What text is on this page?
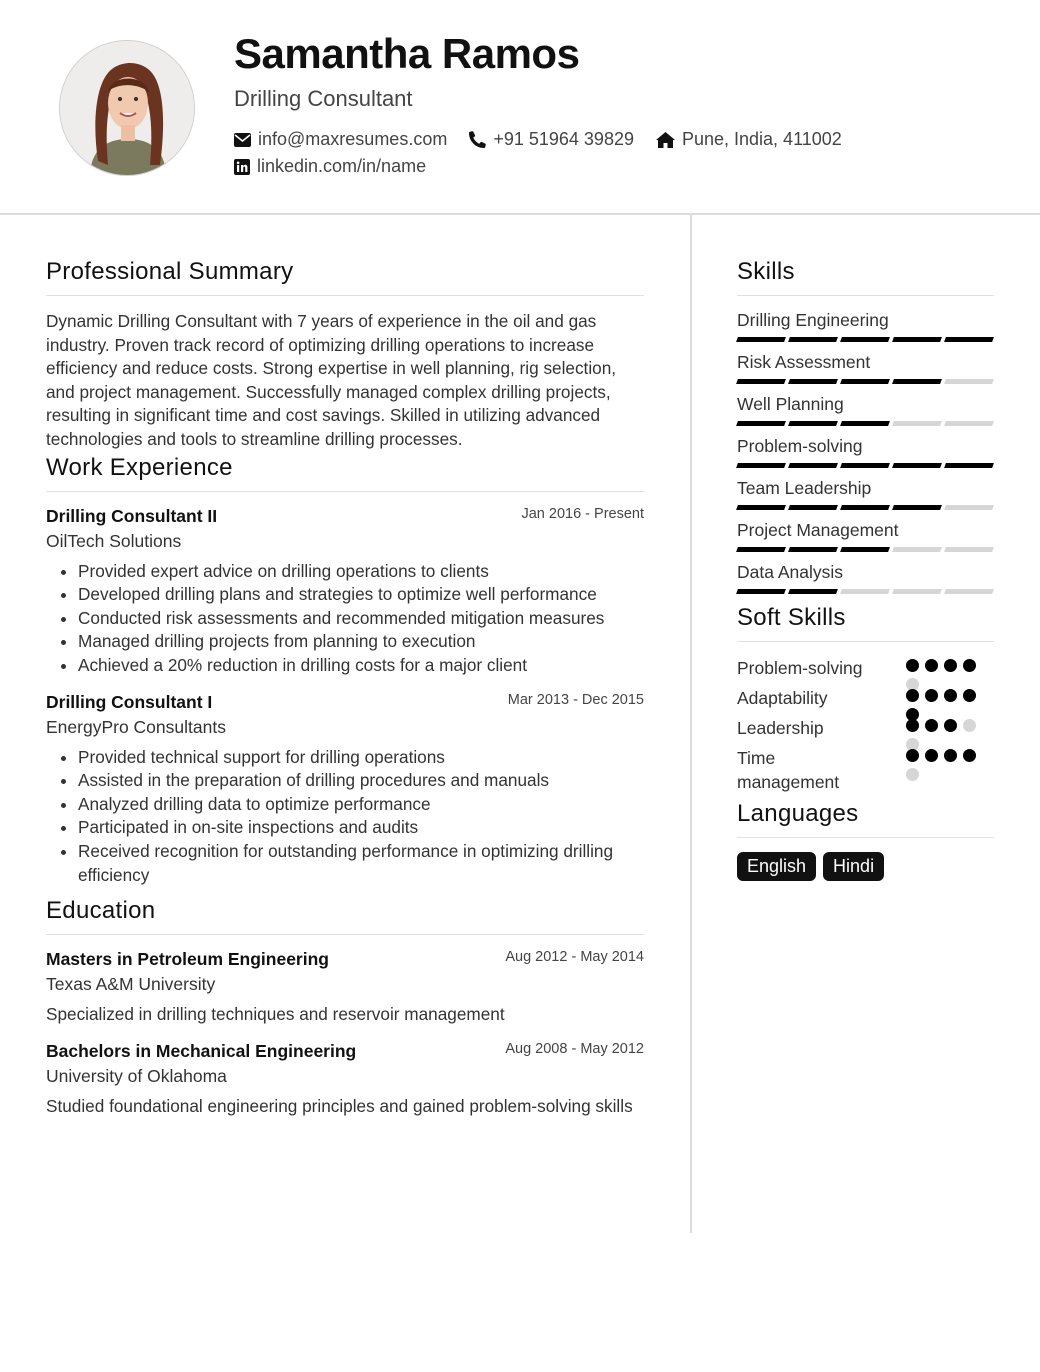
Samantha Ramos
Drilling Consultant
info@maxresumes.com	+91 51964 39829	Pune, India, 411002
linkedin.com/in/name
Professional Summary

Dynamic Drilling Consultant with 7 years of experience in the oil and gas industry. Proven track record of optimizing drilling operations to increase efficiency and reduce costs. Strong expertise in well planning, rig selection, and project management. Successfully managed complex drilling projects, resulting in significant time and cost savings. Skilled in utilizing advanced technologies and tools to streamline drilling processes.

Work Experience
Drilling Consultant II	Jan 2016 - Present
OilTech Solutions
• Provided expert advice on drilling operations to clients
• Developed drilling plans and strategies to optimize well performance
• Conducted risk assessments and recommended mitigation measures
• Managed drilling projects from planning to execution
• Achieved a 20% reduction in drilling costs for a major client
Drilling Consultant I	Mar 2013 - Dec 2015
EnergyPro Consultants
• Provided technical support for drilling operations
• Assisted in the preparation of drilling procedures and manuals
• Analyzed drilling data to optimize performance
• Participated in on-site inspections and audits
• Received recognition for outstanding performance in optimizing drilling efficiency
Education
Masters in Petroleum Engineering	Aug 2012 - May 2014
Texas A&M University
Specialized in drilling techniques and reservoir management
Bachelors in Mechanical Engineering	Aug 2008 - May 2012
University of Oklahoma
Studied foundational engineering principles and gained problem-solving skills
Skills
Drilling Engineering
Risk Assessment
Well Planning
Problem-solving
Team Leadership
Project Management
Data Analysis
Soft Skills
Problem-solving
Adaptability
Leadership
Time management
Languages
English	Hindi
